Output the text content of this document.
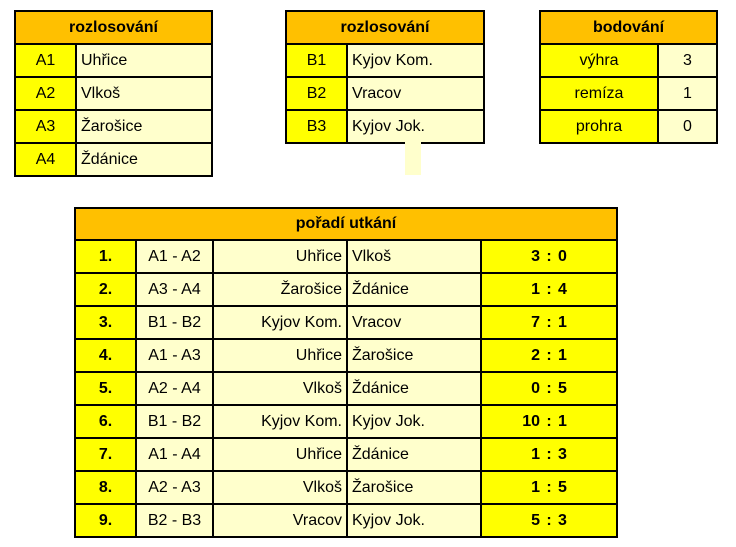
rozlosování	
A1	Uhřice
A2	Vlkoš
A3	Žarošice
A4	Ždánice
rozlosování	
B1	Kyjov Kom.
B2	Vracov
B3	Kyjov Jok.
bodování	
výhra	3
remíza	1
prohra	0
pořadí utkání				
1.	A1 - A2	Uhřice	Vlkoš	3 : 0
2.	A3 - A4	Žarošice	Ždánice	1 : 4
3.	B1 - B2	Kyjov Kom.	Vracov	7 : 1
4.	A1 - A3	Uhřice	Žarošice	2 : 1
5.	A2 - A4	Vlkoš	Ždánice	0 : 5
6.	B1 - B2	Kyjov Kom.	Kyjov Jok.	10 : 1
7.	A1 - A4	Uhřice	Ždánice	1 : 3
8.	A2 - A3	Vlkoš	Žarošice	1 : 5
9.	B2 - B3	Vracov	Kyjov Jok.	5 : 3
